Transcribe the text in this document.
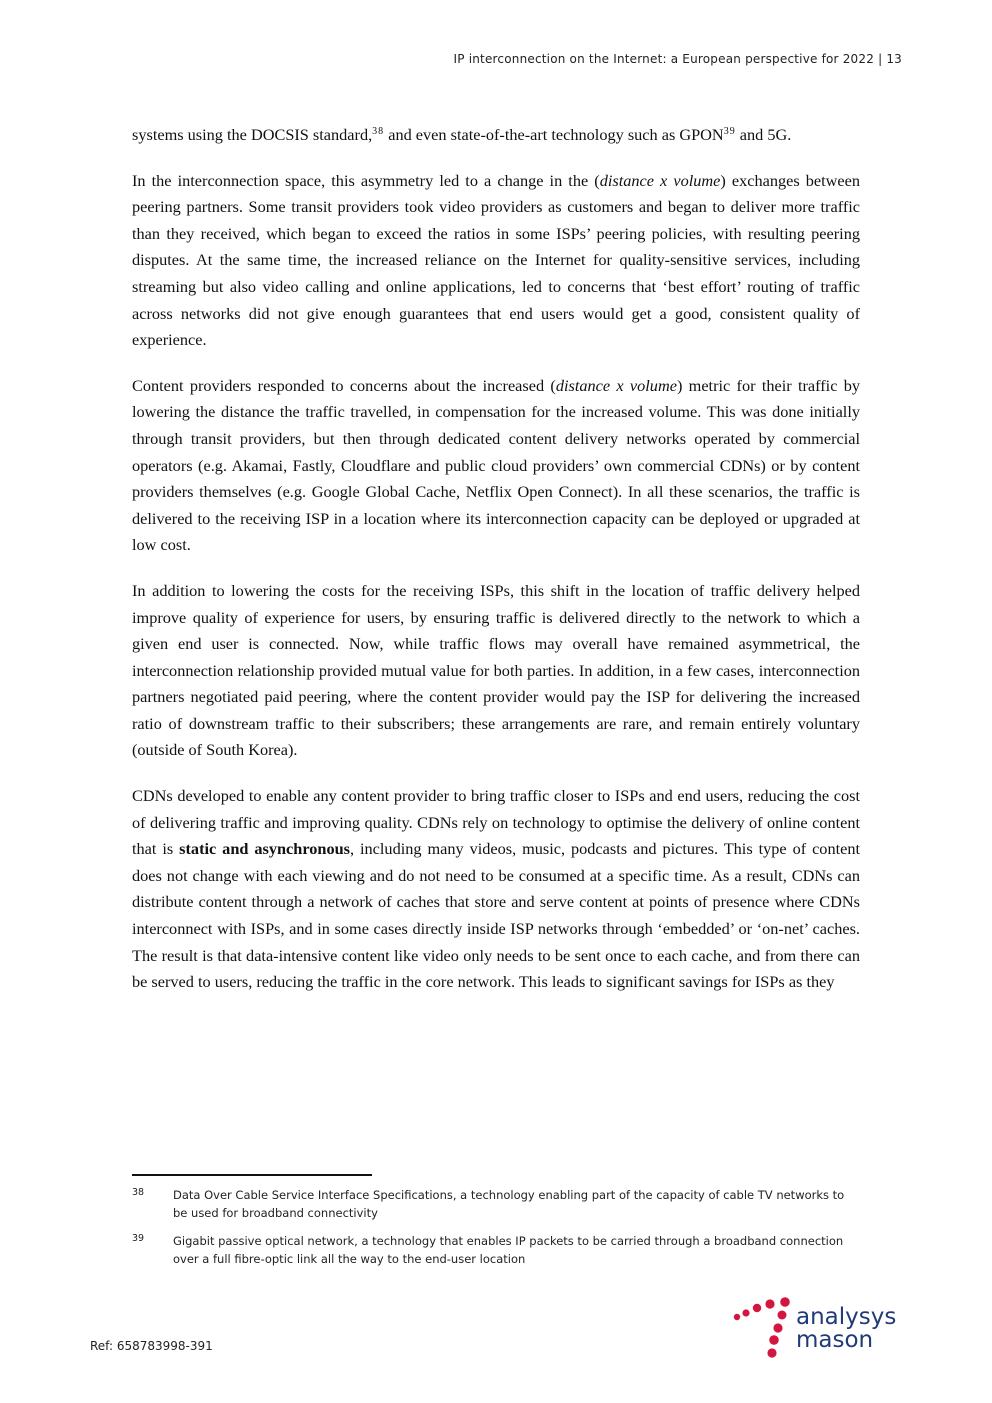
IP interconnection on the Internet: a European perspective for 2022 | 13

systems using the DOCSIS standard,$^{38}$ and even state-of-the-art technology such as GPON$^{39}$ and 5G.

In the interconnection space, this asymmetry led to a change in the (distance x volume) exchanges between peering partners. Some transit providers took video providers as customers and began to deliver more traffic than they received, which began to exceed the ratios in some ISPs’ peering policies, with resulting peering disputes. At the same time, the increased reliance on the Internet for quality-sensitive services, including streaming but also video calling and online applications, led to concerns that ‘best effort’ routing of traffic across networks did not give enough guarantees that end users would get a good, consistent quality of experience.

Content providers responded to concerns about the increased (distance x volume) metric for their traffic by lowering the distance the traffic travelled, in compensation for the increased volume. This was done initially through transit providers, but then through dedicated content delivery networks operated by commercial operators (e.g. Akamai, Fastly, Cloudflare and public cloud providers’ own commercial CDNs) or by content providers themselves (e.g. Google Global Cache, Netflix Open Connect). In all these scenarios, the traffic is delivered to the receiving ISP in a location where its interconnection capacity can be deployed or upgraded at low cost.

In addition to lowering the costs for the receiving ISPs, this shift in the location of traffic delivery helped improve quality of experience for users, by ensuring traffic is delivered directly to the network to which a given end user is connected. Now, while traffic flows may overall have remained asymmetrical, the interconnection relationship provided mutual value for both parties. In addition, in a few cases, interconnection partners negotiated paid peering, where the content provider would pay the ISP for delivering the increased ratio of downstream traffic to their subscribers; these arrangements are rare, and remain entirely voluntary (outside of South Korea).

CDNs developed to enable any content provider to bring traffic closer to ISPs and end users, reducing the cost of delivering traffic and improving quality. CDNs rely on technology to optimise the delivery of online content that is static and asynchronous, including many videos, music, podcasts and pictures. This type of content does not change with each viewing and do not need to be consumed at a specific time. As a result, CDNs can distribute content through a network of caches that store and serve content at points of presence where CDNs interconnect with ISPs, and in some cases directly inside ISP networks through ‘embedded’ or ‘on-net’ caches. The result is that data-intensive content like video only needs to be sent once to each cache, and from there can be served to users, reducing the traffic in the core network. This leads to significant savings for ISPs as they

38	Data Over Cable Service Interface Specifications, a technology enabling part of the capacity of cable TV networks to be used for broadband connectivity
39	Gigabit passive optical network, a technology that enables IP packets to be carried through a broadband connection over a full fibre-optic link all the way to the end-user location
Ref: 658783998-391
analysys
mason
